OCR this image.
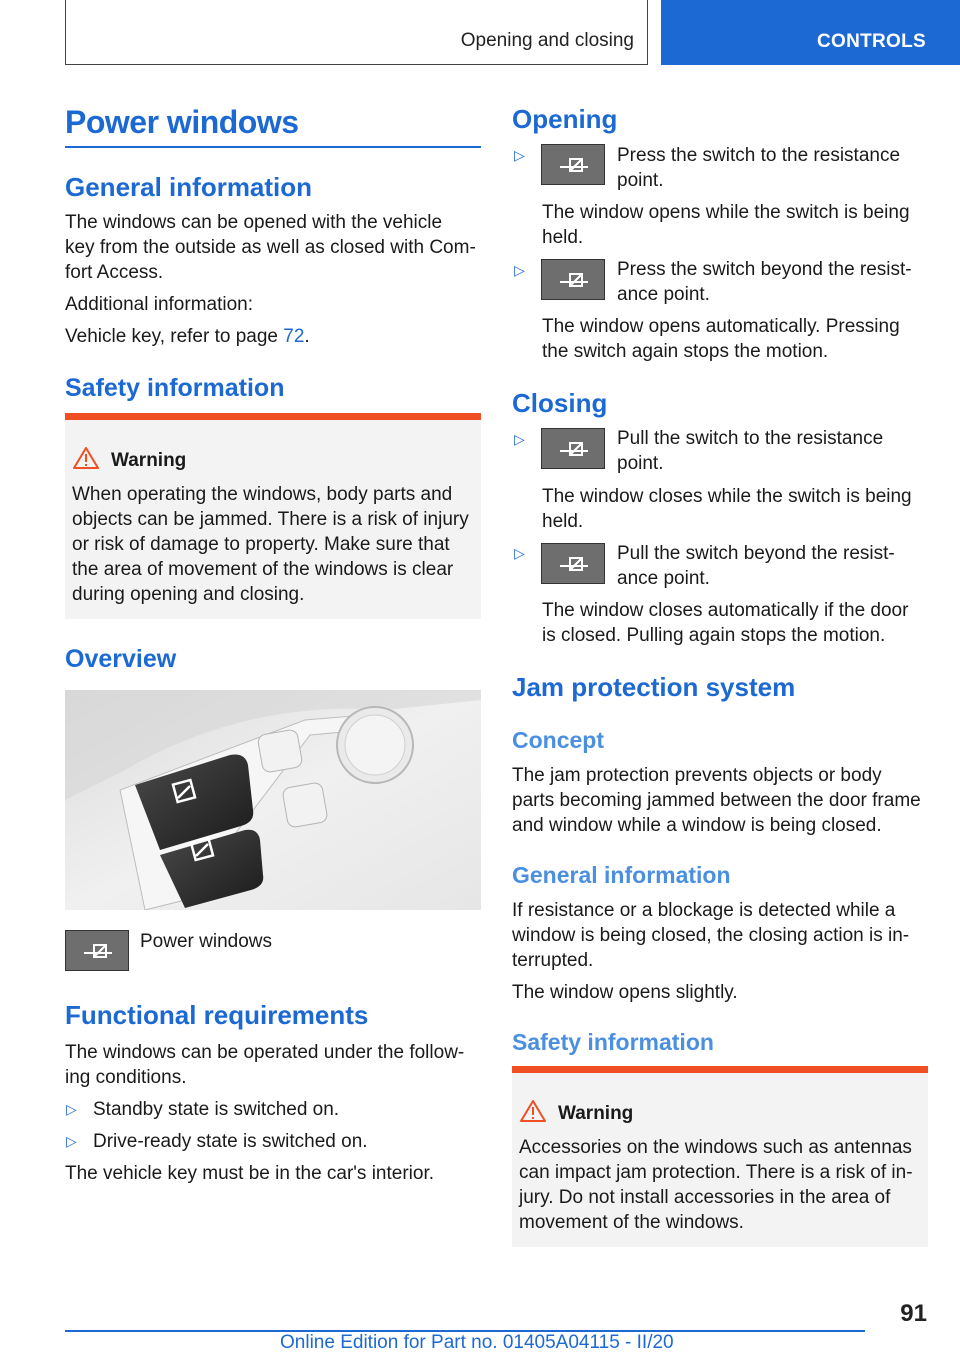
Opening and closing	CONTROLS
Power windows
General information
The windows can be opened with the vehicle
key from the outside as well as closed with Com-
fort Access.
Additional information:
Vehicle key, refer to page 72.
Safety information
Warning
When operating the windows, body parts and
objects can be jammed. There is a risk of injury
or risk of damage to property. Make sure that
the area of movement of the windows is clear
during opening and closing.
Overview
Power windows
Functional requirements
The windows can be operated under the follow-
ing conditions.
▷ Standby state is switched on.
▷ Drive-ready state is switched on.
The vehicle key must be in the car's interior.
Opening
▷	Press the switch to the resistance
point.
The window opens while the switch is being
held.
▷	Press the switch beyond the resist-
ance point.
The window opens automatically. Pressing
the switch again stops the motion.
Closing
▷	Pull the switch to the resistance
point.
The window closes while the switch is being
held.
▷	Pull the switch beyond the resist-
ance point.
The window closes automatically if the door
is closed. Pulling again stops the motion.
Jam protection system
Concept
The jam protection prevents objects or body
parts becoming jammed between the door frame
and window while a window is being closed.
General information
If resistance or a blockage is detected while a
window is being closed, the closing action is in-
terrupted.
The window opens slightly.
Safety information
Warning
Accessories on the windows such as antennas
can impact jam protection. There is a risk of in-
jury. Do not install accessories in the area of
movement of the windows.
91
Online Edition for Part no. 01405A04115 - II/20
